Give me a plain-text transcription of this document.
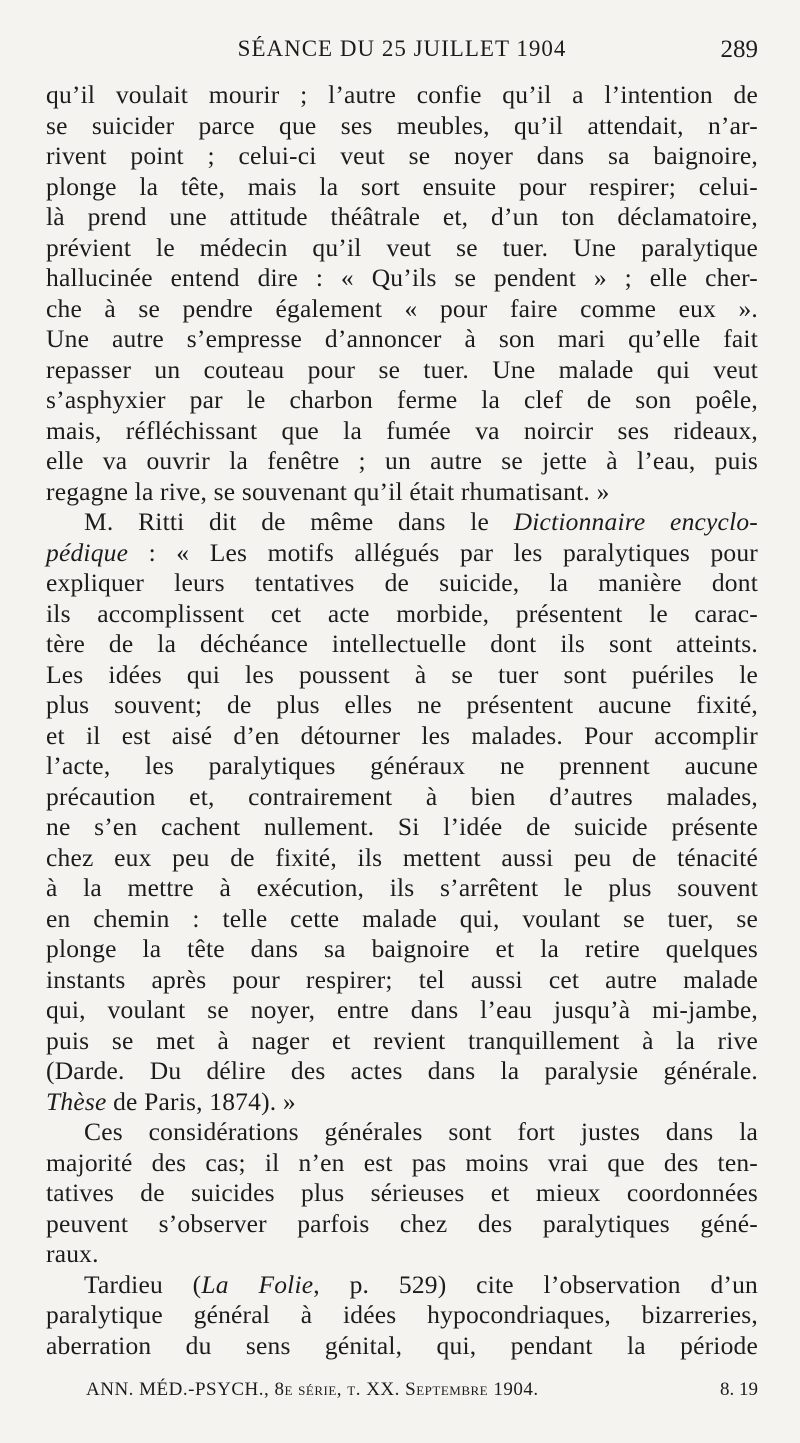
SÉANCE DU 25 JUILLET 1904	289
qu’il voulait mourir ; l’autre confie qu’il a l’intention de
se suicider parce que ses meubles, qu’il attendait, n’ar-
rivent point ; celui-ci veut se noyer dans sa baignoire,
plonge la tête, mais la sort ensuite pour respirer; celui-
là prend une attitude théâtrale et, d’un ton déclamatoire,
prévient le médecin qu’il veut se tuer. Une paralytique
hallucinée entend dire : « Qu’ils se pendent » ; elle cher-
che à se pendre également « pour faire comme eux ».
Une autre s’empresse d’annoncer à son mari qu’elle fait
repasser un couteau pour se tuer. Une malade qui veut
s’asphyxier par le charbon ferme la clef de son poêle,
mais, réfléchissant que la fumée va noircir ses rideaux,
elle va ouvrir la fenêtre ; un autre se jette à l’eau, puis
regagne la rive, se souvenant qu’il était rhumatisant. »
M. Ritti dit de même dans le Dictionnaire encyclo-
pédique : « Les motifs allégués par les paralytiques pour
expliquer leurs tentatives de suicide, la manière dont
ils accomplissent cet acte morbide, présentent le carac-
tère de la déchéance intellectuelle dont ils sont atteints.
Les idées qui les poussent à se tuer sont puériles le
plus souvent; de plus elles ne présentent aucune fixité,
et il est aisé d’en détourner les malades. Pour accomplir
l’acte, les paralytiques généraux ne prennent aucune
précaution et, contrairement à bien d’autres malades,
ne s’en cachent nullement. Si l’idée de suicide présente
chez eux peu de fixité, ils mettent aussi peu de ténacité
à la mettre à exécution, ils s’arrêtent le plus souvent
en chemin : telle cette malade qui, voulant se tuer, se
plonge la tête dans sa baignoire et la retire quelques
instants après pour respirer; tel aussi cet autre malade
qui, voulant se noyer, entre dans l’eau jusqu’à mi-jambe,
puis se met à nager et revient tranquillement à la rive
(Darde. Du délire des actes dans la paralysie générale.
Thèse de Paris, 1874). »
Ces considérations générales sont fort justes dans la
majorité des cas; il n’en est pas moins vrai que des ten-
tatives de suicides plus sérieuses et mieux coordonnées
peuvent s’observer parfois chez des paralytiques géné-
raux.
Tardieu (La Folie, p. 529) cite l’observation d’un
paralytique général à idées hypocondriaques, bizarreries,
aberration du sens génital, qui, pendant la période
ANN. MÉD.-PSYCH., 8e série, t. XX. Septembre 1904.	8. 19
